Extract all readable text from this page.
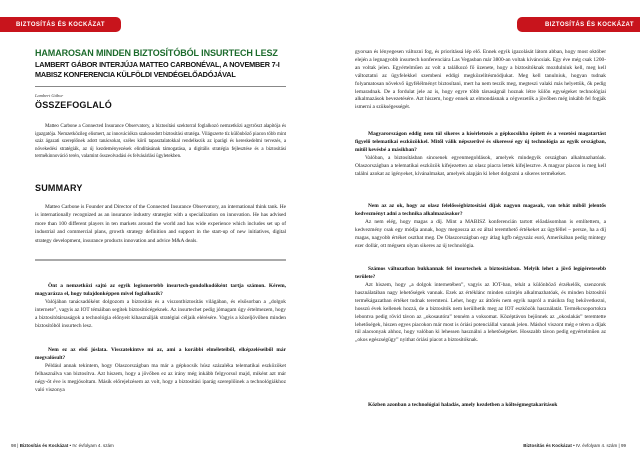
BIZTOSÍTÁS ÉS KOCKÁZAT
HAMAROSAN MINDEN BIZTOSÍTÓBÓL INSURTECH LESZ
LAMBERT GÁBOR INTERJÚJA MATTEO CARBONÉVAL, A NOVEMBER 7-I MABISZ KONFERENCIA KÜLFÖLDI VENDÉGELŐADÓJÁVAL
Lambert Gábor
ÖSSZEFOGLALÓ
Matteo Carbone a Connected Insurance Observatory, a biztosítási szektorral foglalkozó nemzetközi agytröszt alapítója és igazgatója. Nemzetközileg elismert, az innovációkra szakosodott biztosítási stratéga. Világszerte tíz különböző piacon több mint száz ágazati szereplőnek adott tanácsokat, széles körű tapasztalatokkal rendelkezik az iparági és kereskedelmi tervezés, a növekedési stratégiák, az új kezdeményezések elindításának támogatása, a digitális stratégia fejlesztése és a biztosítási termékinnováció terén, valamint összeolvadási és felvásárlási ügyletekben.
SUMMARY
Matteo Carbone is Founder and Director of the Connected Insurance Observatory, an international think tank. He is internationally recognized as an insurance industry strategist with a specialization on innovation. He has advised more than 100 different players in ten markets around the world and has wide experience which includes set up of industrial and commercial plans, growth strategy definition and support in the start-up of new initiatives, digital strategy development, insurance products innovation and advice M&A deals.
Önt a nemzetközi sajtó az egyik legismertebb insurtech-gondolkodóként tartja számon. Kérem, magyarázza el, hogy tulajdonképpen mivel foglalkozik?
Valójában tanácsadóként dolgozom a biztosítás és a viszontbiztosítás világában, és elsősorban a „dolgok internete”, vagyis az IOT témáiban segítek biztosítócégeknek. Az insurtechet pedig jómagam úgy értelmezem, hogy a biztosítótársaságok a technológia előnyeit kihasználják stratégiai céljaik elérésére. Vagyis a közeljövőben minden biztosítóból insurtech lesz.
Nem ez az első jóslata. Visszatekintve mi az, ami a korábbi elméleteiből, elképzeléseiből már megvalósult?
Például annak tekintem, hogy Olaszországban ma már a gépkocsik húsz százaléka telematikai eszközöket felhasználva van biztosítva. Azt hiszem, hogy a jövőben ez az irány még inkább felgyorsul majd, miként azt már négy-öt éve is megjósoltam. Másik előrejelzésem az volt, hogy a biztosítási iparág szereplőinek a technológiákhoz való viszonya
98 | Biztosítás és Kockázat • IV. évfolyam 4. szám
BIZTOSÍTÁS ÉS KOCKÁZAT
gyorsan és lényegesen változni fog, és prioritássá lép elő. Ennek egyik igazolását látom abban, hogy most október elején a legnagyobb insurtech konferenciára Las Vegasban már 3800-an voltak kíváncsiak. Egy éve még csak 1200-an voltak jelen. Egyértelműen az volt a találkozó fő üzenete, hogy a biztosítóknak mozdulniuk kell, meg kell változtatni az ügyfelekkel szembeni eddigi megközelítésmódjukat. Meg kell tanulniuk, hogyan tudnak folyamatosan növekvő ügyfélélményt biztosítani, mert ha nem teszik meg, megteszi valaki más helyettük, ők pedig lemaradnak. De a fordulat jele az is, hogy egyre több társaságnál hoznak létre külön egységeket technológiai alkalmazások bevezetésére. Azt hiszem, hogy ennek az elmondásnak a cégvezetők a jövőben még inkább fel fogják ismerni a szükségességét.
Magyarországon eddig nem túl sikeres a kísérletezés a gépkocsikba épített és a vezetési magatartást figyelő telematikai eszközökkel. Mitől válik népszerűvé és sikeressé egy új technológia az egyik országban, mitől kevésbé a másikban?
Valóban, a biztosításban sincsenek egyenmegoldások, amelyek mindegyik országban alkalmazhatóak. Olaszországban a telematikai eszközök kifejezetten az olasz piacra lettek kifejlesztve. A magyar piacon is meg kell találni azokat az igényeket, kívánalmakat, amelyek alapján ki lehet dolgozni a sikeres termékeket.
Nem az az ok, hogy az olasz felelősségbiztosítási díjak nagyon magasak, van tehát miből jelentős kedvezményt adni a technika alkalmazásakor?
Az nem elég, hogy magas a díj. Mint a MABISZ konferencián tartott előadásomban is említettem, a kedvezmény csak egy módja annak, hogy megossza az ez által teremthető értékeket az ügyféllel – persze, ha a díj magas, nagyobb értéket oszthat meg. De Olaszországban egy átlag kgfb négyszáz euró, Amerikában pedig mintegy ezer dollár, ott mégsem olyan sikeres az új technológia.
Számos változatban bukkannak fel insurtechek a biztosításban. Melyik lehet a jövő legígéretesebb területe?
Azt hiszem, hogy „a dolgok internetében”, vagyis az IOT-ban, tehát a különböző érzékelők, szenzorok használatában nagy lehetőségek vannak. Ezek az értéklánc minden szintjén alkalmazhatóak, és minden biztosítói termékágazatban értéket tudnak teremteni. Lehet, hogy az áttörés nem egyik napról a másikra fog bekövetkezni, hosszú évek kellenek hozzá, de a biztosítók nem kerülhetik meg az IOT eszközök használatát. Termékcsoportokra lebontva pedig rövid távon az „okosautóra” tenném a voksomat. Középtávon bejönnek az „okoslakás” teremtette lehetőségek, hiszen egyes piacokon már most is óriási potenciállal vannak jelen. Máshol viszont még e téren a díjak túl alacsonyak ahhoz, hogy valóban ki lehessen használni a lehetőségeket. Hosszabb távon pedig egyértelműen az „okos egészségügy” nyithat óriási piacot a biztosítóknak.
Közben azonban a technológiai haladás, amely kezdetben a költségmegtakarítások
Biztosítás és Kockázat • IV. évfolyam 4. szám | 99
